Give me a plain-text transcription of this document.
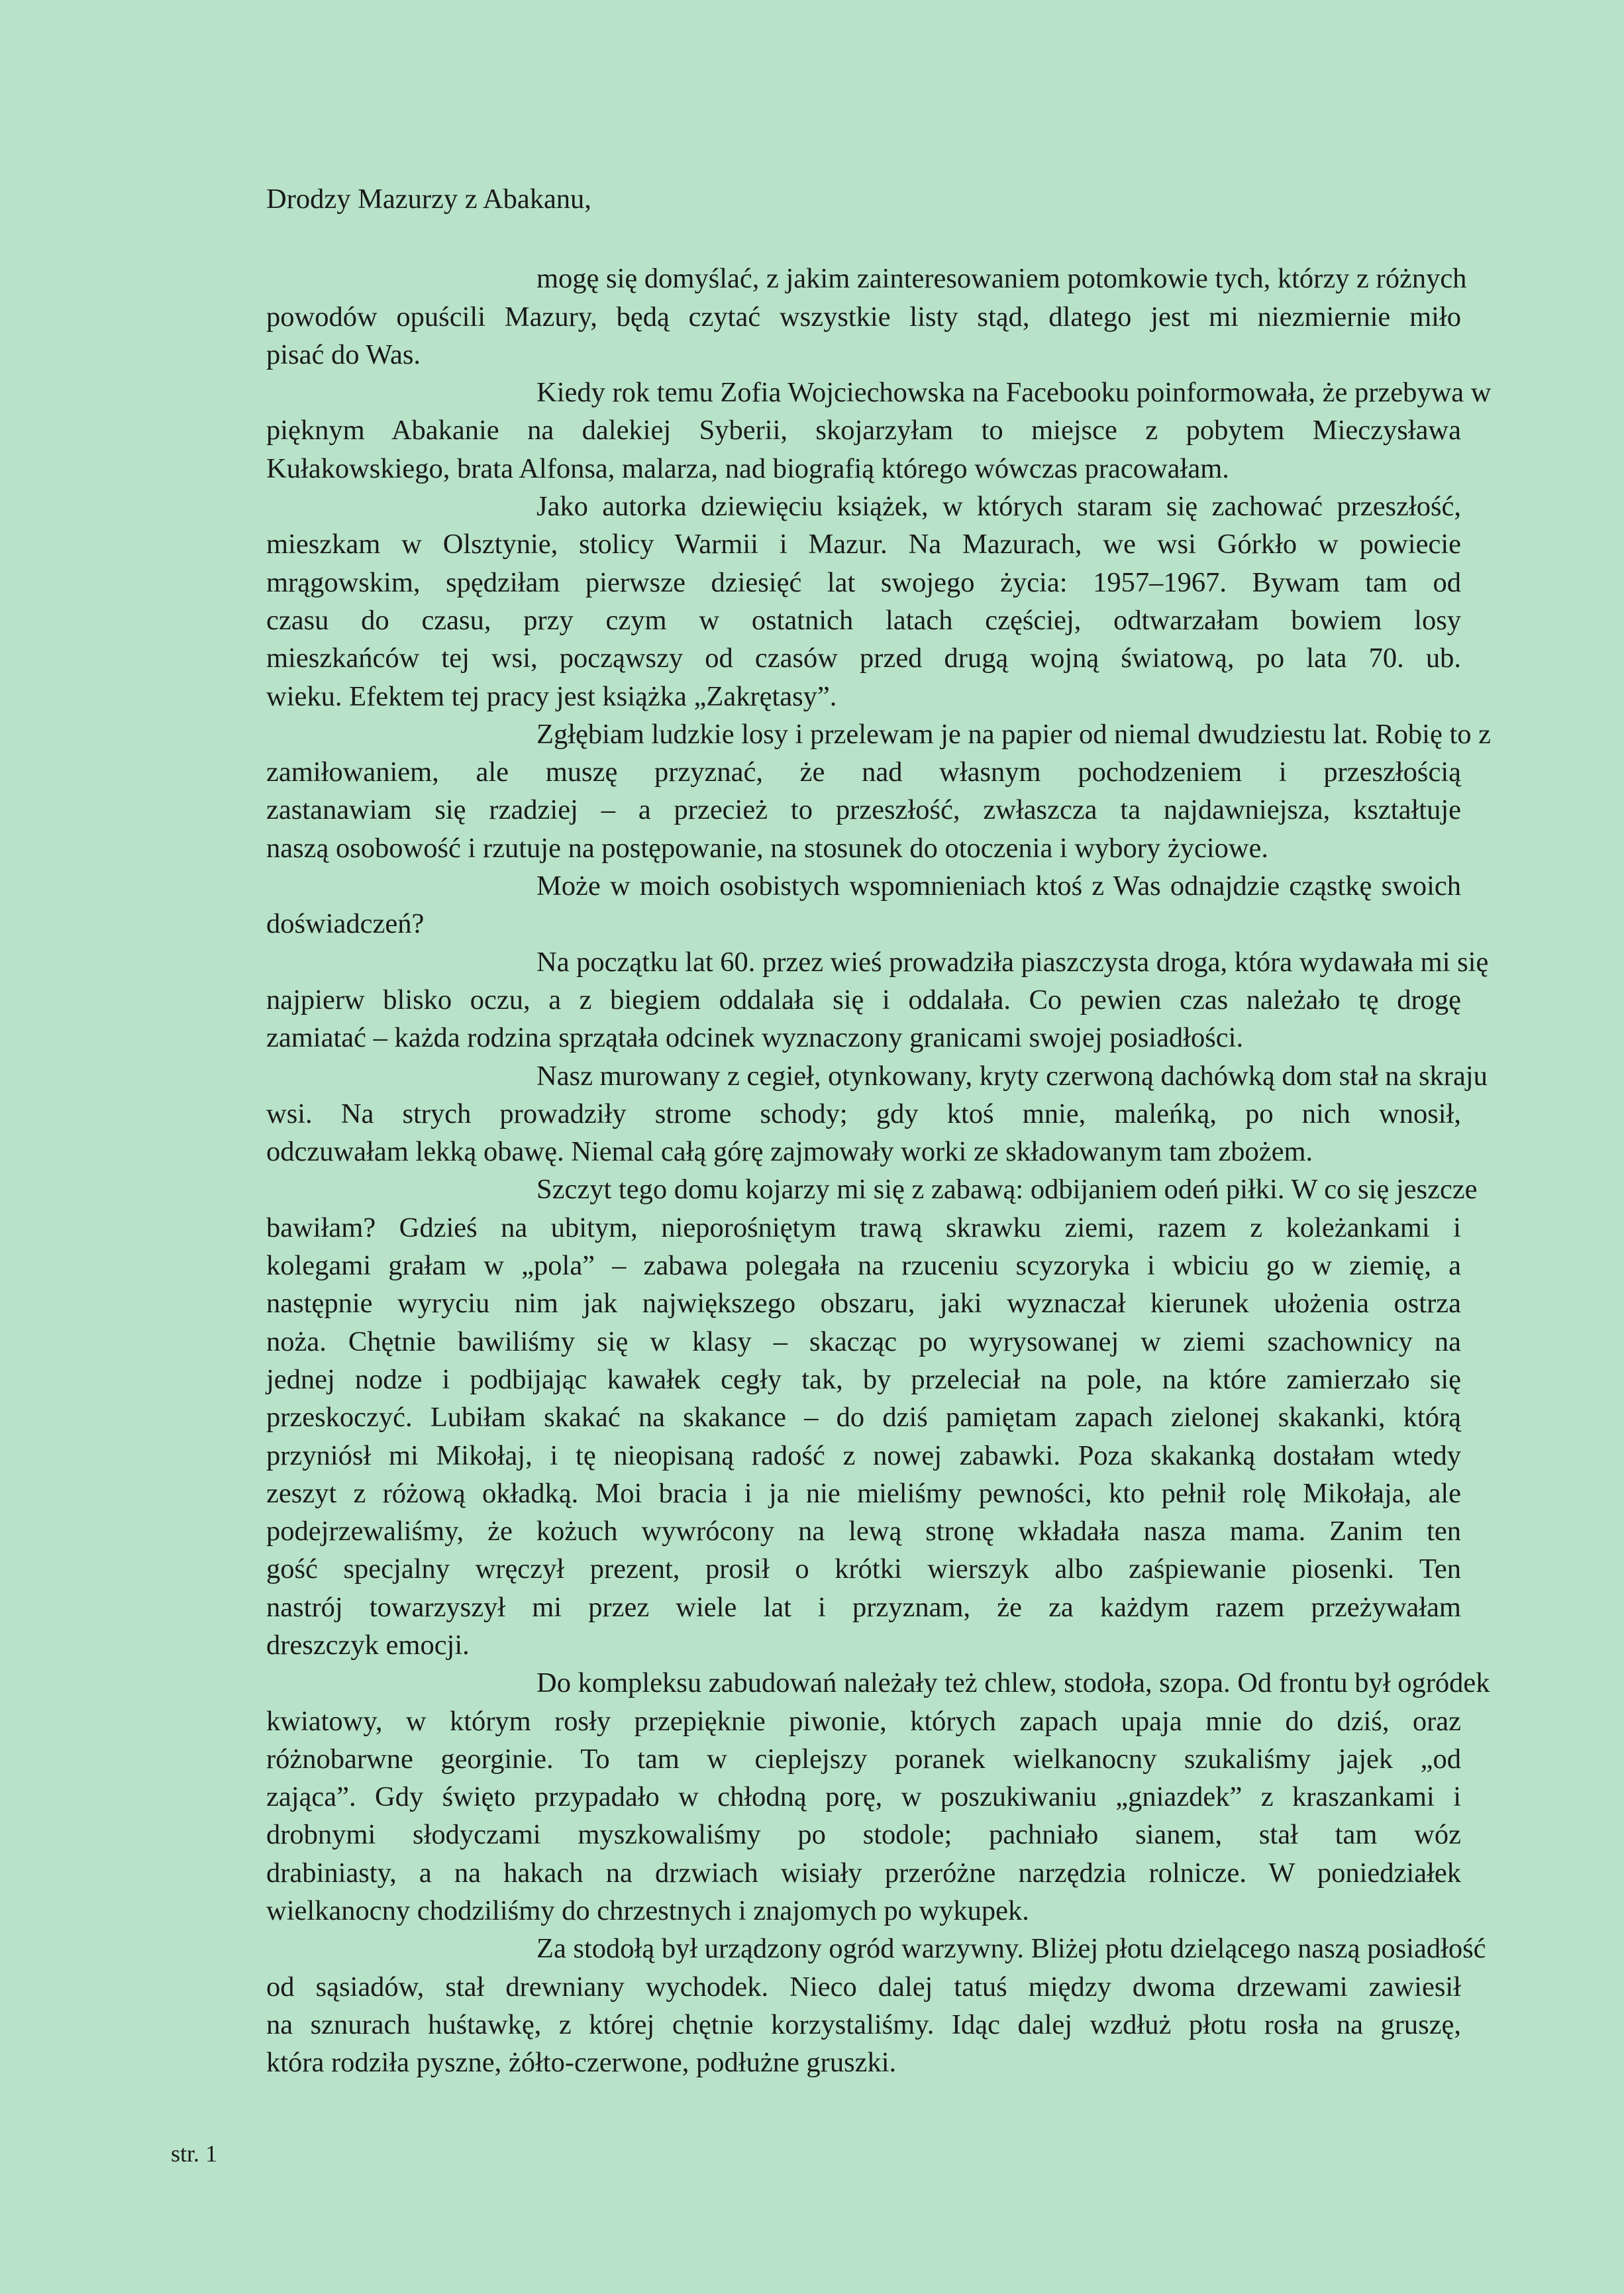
Drodzy Mazurzy z Abakanu,

mogę się domyślać, z jakim zainteresowaniem potomkowie tych, którzy z różnych
powodów opuścili Mazury, będą czytać wszystkie listy stąd, dlatego jest mi niezmiernie miło
pisać do Was.
Kiedy rok temu Zofia Wojciechowska na Facebooku poinformowała, że przebywa w
pięknym Abakanie na dalekiej Syberii, skojarzyłam to miejsce z pobytem Mieczysława
Kułakowskiego, brata Alfonsa, malarza, nad biografią którego wówczas pracowałam.
Jako autorka dziewięciu książek, w których staram się zachować przeszłość,
mieszkam w Olsztynie, stolicy Warmii i Mazur. Na Mazurach, we wsi Górkło w powiecie
mrągowskim, spędziłam pierwsze dziesięć lat swojego życia: 1957–1967. Bywam tam od
czasu do czasu, przy czym w ostatnich latach częściej, odtwarzałam bowiem losy
mieszkańców tej wsi, począwszy od czasów przed drugą wojną światową, po lata 70. ub.
wieku. Efektem tej pracy jest książka „Zakrętasy”.
Zgłębiam ludzkie losy i przelewam je na papier od niemal dwudziestu lat. Robię to z
zamiłowaniem, ale muszę przyznać, że nad własnym pochodzeniem i przeszłością
zastanawiam się rzadziej – a przecież to przeszłość, zwłaszcza ta najdawniejsza, kształtuje
naszą osobowość i rzutuje na postępowanie, na stosunek do otoczenia i wybory życiowe.
Może w moich osobistych wspomnieniach ktoś z Was odnajdzie cząstkę swoich
doświadczeń?
Na początku lat 60. przez wieś prowadziła piaszczysta droga, która wydawała mi się
najpierw blisko oczu, a z biegiem oddalała się i oddalała. Co pewien czas należało tę drogę
zamiatać – każda rodzina sprzątała odcinek wyznaczony granicami swojej posiadłości.
Nasz murowany z cegieł, otynkowany, kryty czerwoną dachówką dom stał na skraju
wsi. Na strych prowadziły strome schody; gdy ktoś mnie, maleńką, po nich wnosił,
odczuwałam lekką obawę. Niemal całą górę zajmowały worki ze składowanym tam zbożem.
Szczyt tego domu kojarzy mi się z zabawą: odbijaniem odeń piłki. W co się jeszcze
bawiłam? Gdzieś na ubitym, nieporośniętym trawą skrawku ziemi, razem z koleżankami i
kolegami grałam w „pola” – zabawa polegała na rzuceniu scyzoryka i wbiciu go w ziemię, a
następnie wyryciu nim jak największego obszaru, jaki wyznaczał kierunek ułożenia ostrza
noża. Chętnie bawiliśmy się w klasy – skacząc po wyrysowanej w ziemi szachownicy na
jednej nodze i podbijając kawałek cegły tak, by przeleciał na pole, na które zamierzało się
przeskoczyć. Lubiłam skakać na skakance – do dziś pamiętam zapach zielonej skakanki, którą
przyniósł mi Mikołaj, i tę nieopisaną radość z nowej zabawki. Poza skakanką dostałam wtedy
zeszyt z różową okładką. Moi bracia i ja nie mieliśmy pewności, kto pełnił rolę Mikołaja, ale
podejrzewaliśmy, że kożuch wywrócony na lewą stronę wkładała nasza mama. Zanim ten
gość specjalny wręczył prezent, prosił o krótki wierszyk albo zaśpiewanie piosenki. Ten
nastrój towarzyszył mi przez wiele lat i przyznam, że za każdym razem przeżywałam
dreszczyk emocji.
Do kompleksu zabudowań należały też chlew, stodoła, szopa. Od frontu był ogródek
kwiatowy, w którym rosły przepięknie piwonie, których zapach upaja mnie do dziś, oraz
różnobarwne georginie. To tam w cieplejszy poranek wielkanocny szukaliśmy jajek „od
zająca”. Gdy święto przypadało w chłodną porę, w poszukiwaniu „gniazdek” z kraszankami i
drobnymi słodyczami myszkowaliśmy po stodole; pachniało sianem, stał tam wóz
drabiniasty, a na hakach na drzwiach wisiały przeróżne narzędzia rolnicze. W poniedziałek
wielkanocny chodziliśmy do chrzestnych i znajomych po wykupek.
Za stodołą był urządzony ogród warzywny. Bliżej płotu dzielącego naszą posiadłość
od sąsiadów, stał drewniany wychodek. Nieco dalej tatuś między dwoma drzewami zawiesił
na sznurach huśtawkę, z której chętnie korzystaliśmy. Idąc dalej wzdłuż płotu rosła na gruszę,
która rodziła pyszne, żółto-czerwone, podłużne gruszki.
str. 1
